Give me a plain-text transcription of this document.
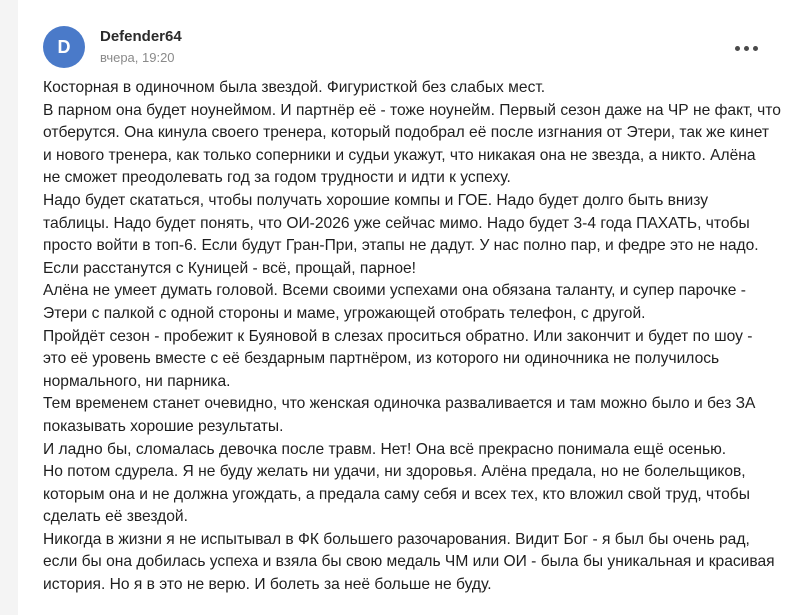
D
Defender64
вчера, 19:20
Косторная в одиночном была звездой. Фигуристкой без слабых мест.
В парном она будет ноунеймом. И партнёр её - тоже ноунейм. Первый сезон даже на ЧР не факт, что
отберутся. Она кинула своего тренера, который подобрал её после изгнания от Этери, так же кинет
и нового тренера, как только соперники и судьи укажут, что никакая она не звезда, а никто. Алёна
не сможет преодолевать год за годом трудности и идти к успеху.
Надо будет скататься, чтобы получать хорошие компы и ГОЕ. Надо будет долго быть внизу
таблицы. Надо будет понять, что ОИ-2026 уже сейчас мимо. Надо будет 3-4 года ПАХАТЬ, чтобы
просто войти в топ-6. Если будут Гран-При, этапы не дадут. У нас полно пар, и федре это не надо.
Если расстанутся с Куницей - всё, прощай, парное!
Алёна не умеет думать головой. Всеми своими успехами она обязана таланту, и супер парочке -
Этери с палкой с одной стороны и маме, угрожающей отобрать телефон, с другой.
Пройдёт сезон - пробежит к Буяновой в слезах проситься обратно. Или закончит и будет по шоу -
это её уровень вместе с её бездарным партнёром, из которого ни одиночника не получилось
нормального, ни парника.
Тем временем станет очевидно, что женская одиночка разваливается и там можно было и без ЗА
показывать хорошие результаты.
И ладно бы, сломалась девочка после травм. Нет! Она всё прекрасно понимала ещё осенью.
Но потом сдурела. Я не буду желать ни удачи, ни здоровья. Алёна предала, но не болельщиков,
которым она и не должна угождать, а предала саму себя и всех тех, кто вложил свой труд, чтобы
сделать её звездой.
Никогда в жизни я не испытывал в ФК большего разочарования. Видит Бог - я был бы очень рад,
если бы она добилась успеха и взяла бы свою медаль ЧМ или ОИ - была бы уникальная и красивая
история. Но я в это не верю. И болеть за неё больше не буду.
